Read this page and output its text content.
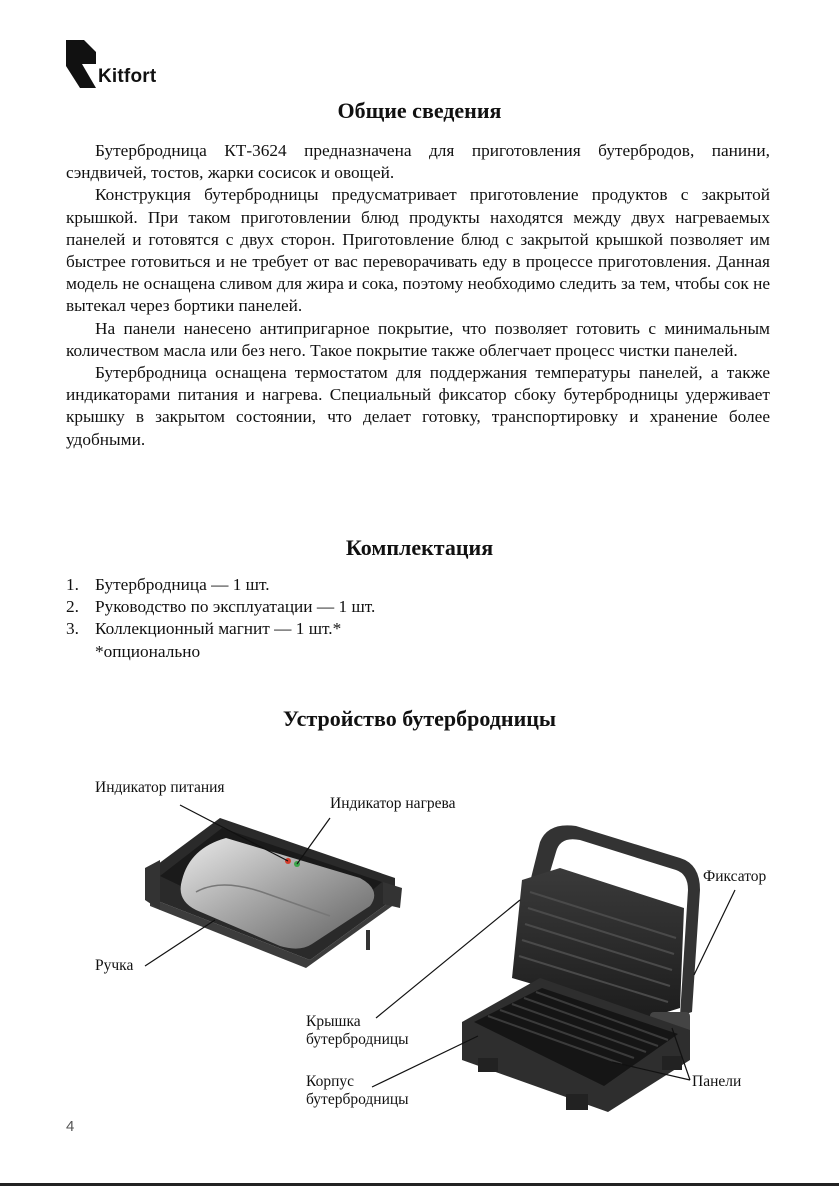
Kitfort
Общие сведения

Бутербродница КТ-3624 предназначена для приготовления бутербродов, панини, сэндвичей, тостов, жарки сосисок и овощей.

Конструкция бутербродницы предусматривает приготовление продуктов с закрытой крышкой. При таком приготовлении блюд продукты находятся между двух нагреваемых панелей и готовятся с двух сторон. Приготовление блюд с закрытой крышкой позволяет им быстрее готовиться и не требует от вас переворачивать еду в процессе приготовления. Данная модель не оснащена сливом для жира и сока, поэтому необходимо следить за тем, чтобы сок не вытекал через бортики панелей.

На панели нанесено антипригарное покрытие, что позволяет готовить с минимальным количеством масла или без него. Такое покрытие также облегчает процесс чистки панелей.

Бутербродница оснащена термостатом для поддержания температуры панелей, а также индикаторами питания и нагрева. Специальный фиксатор сбоку бутербродницы удерживает крышку в закрытом состоянии, что делает готовку, транспортировку и хранение более удобными.

Комплектация
1. Бутербродница — 1 шт.
2. Руководство по эксплуатации — 1 шт.
3. Коллекционный магнит — 1 шт.*
*опционально
Устройство бутербродницы
Индикатор питания
Индикатор нагрева
Ручка
Фиксатор
Крышка
бутербродницы
Корпус
бутербродницы
Панели
4
